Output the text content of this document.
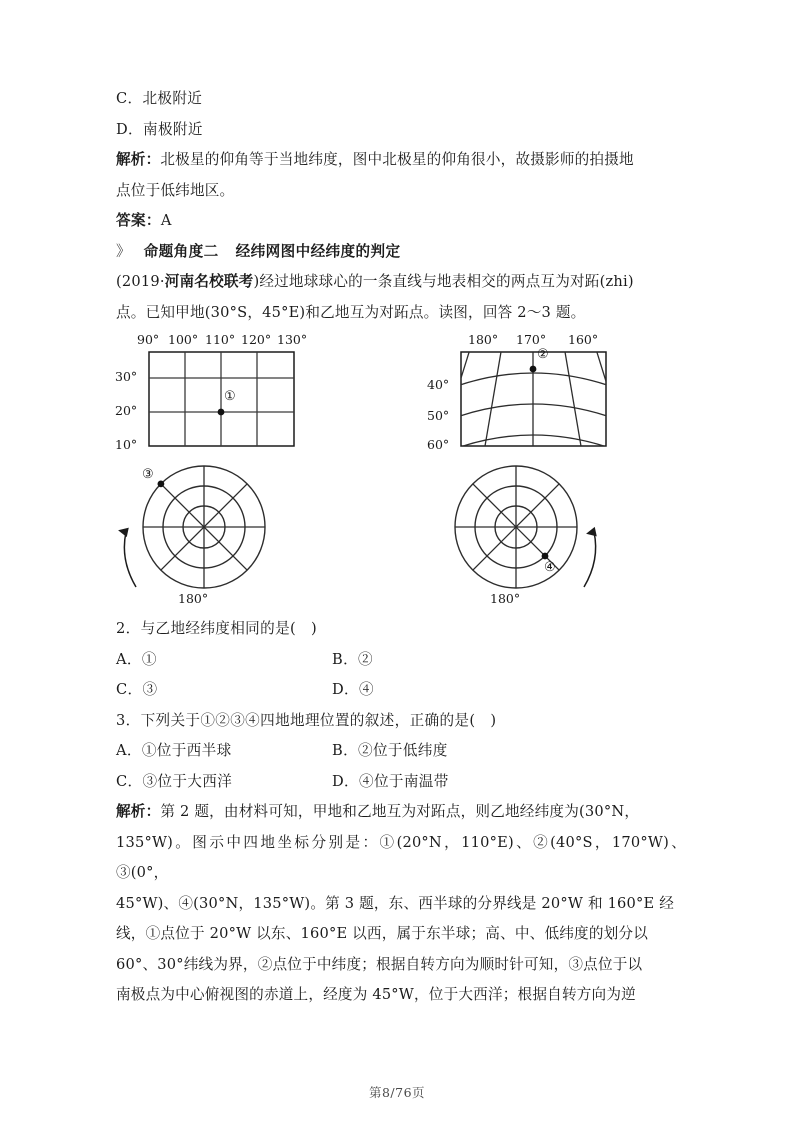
C．北极附近
D．南极附近
解析：北极星的仰角等于当地纬度，图中北极星的仰角很小，故摄影师的拍摄地
点位于低纬地区。
答案：A
》 命题角度二 经纬网图中经纬度的判定
(2019·河南名校联考)经过地球球心的一条直线与地表相交的两点互为对跖(zhi)
点。已知甲地(30°S，45°E)和乙地互为对跖点。读图，回答 2～3 题。
90° 100° 110° 120° 130°
30°
20°
10°
①
180° 170° 160°
40°
50°
60°
②
③
180°
④
180°
2．与乙地经纬度相同的是(   )
A．①	B．②
C．③	D．④
3．下列关于①②③④四地地理位置的叙述，正确的是(   )
A．①位于西半球	B．②位于低纬度
C．③位于大西洋	D．④位于南温带
解析：第 2 题，由材料可知，甲地和乙地互为对跖点，则乙地经纬度为(30°N，
135°W)。图示中四地坐标分别是：①(20°N，110°E)、②(40°S，170°W)、③(0°，
45°W)、④(30°N，135°W)。第 3 题，东、西半球的分界线是 20°W 和 160°E 经
线，①点位于 20°W 以东、160°E 以西，属于东半球；高、中、低纬度的划分以
60°、30°纬线为界，②点位于中纬度；根据自转方向为顺时针可知，③点位于以
南极点为中心俯视图的赤道上，经度为 45°W，位于大西洋；根据自转方向为逆
第8/76页
